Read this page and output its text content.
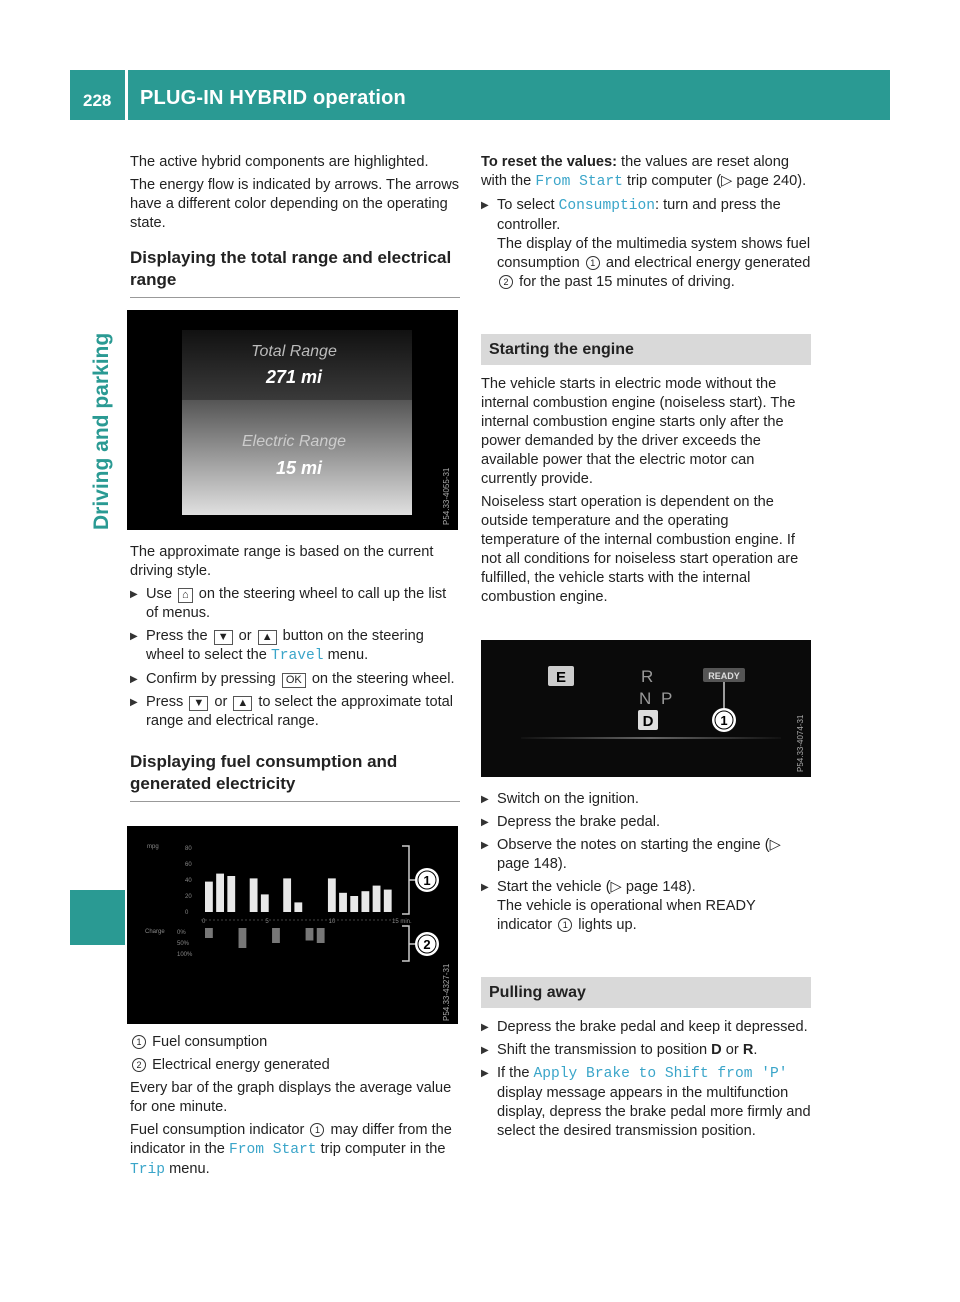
228 PLUG-IN HYBRID operation
Driving and parking

The active hybrid components are highlighted.

The energy flow is indicated by arrows. The arrows have a different color depending on the operating state.

Displaying the total range and electrical range
Total Range
271 mi
Electric Range
15 mi	P54.33-4055-31

The approximate range is based on the current driving style.

▶ Use ⌂ on the steering wheel to call up the list of menus.
▶ Press the ▼ or ▲ button on the steering wheel to select the Travel menu.
▶ Confirm by pressing OK on the steering wheel.
▶ Press ▼ or ▲ to select the approximate total range and electrical range.
Displaying fuel consumption and generated electricity
mpg
Charge
80
60
40
20
0
0%
50%
100%
0	5	10	15 min.
1
2
P54.33-4327-31

1 Fuel consumption

2 Electrical energy generated

Every bar of the graph displays the average value for one minute.

Fuel consumption indicator 1 may differ from the indicator in the From Start trip computer in the Trip menu.

To reset the values: the values are reset along with the From Start trip computer (▷ page 240).

▶ To select Consumption: turn and press the controller.
The display of the multimedia system shows fuel consumption 1 and electrical energy generated 2 for the past 15 minutes of driving.
Starting the engine

The vehicle starts in electric mode without the internal combustion engine (noiseless start). The internal combustion engine starts only after the power demanded by the driver exceeds the available power that the electric motor can currently provide.

Noiseless start operation is dependent on the outside temperature and the operating temperature of the internal combustion engine. If not all conditions for noiseless start operation are fulfilled, the vehicle starts with the internal combustion engine.

E	R
N P
D
READY
1	P54.33-4074-31
▶ Switch on the ignition.
▶ Depress the brake pedal.
▶ Observe the notes on starting the engine (▷ page 148).
▶ Start the vehicle (▷ page 148).
The vehicle is operational when READY indicator 1 lights up.
Pulling away
▶ Depress the brake pedal and keep it depressed.
▶ Shift the transmission to position D or R.
▶ If the Apply Brake to Shift from 'P' display message appears in the multifunction display, depress the brake pedal more firmly and select the desired transmission position.
